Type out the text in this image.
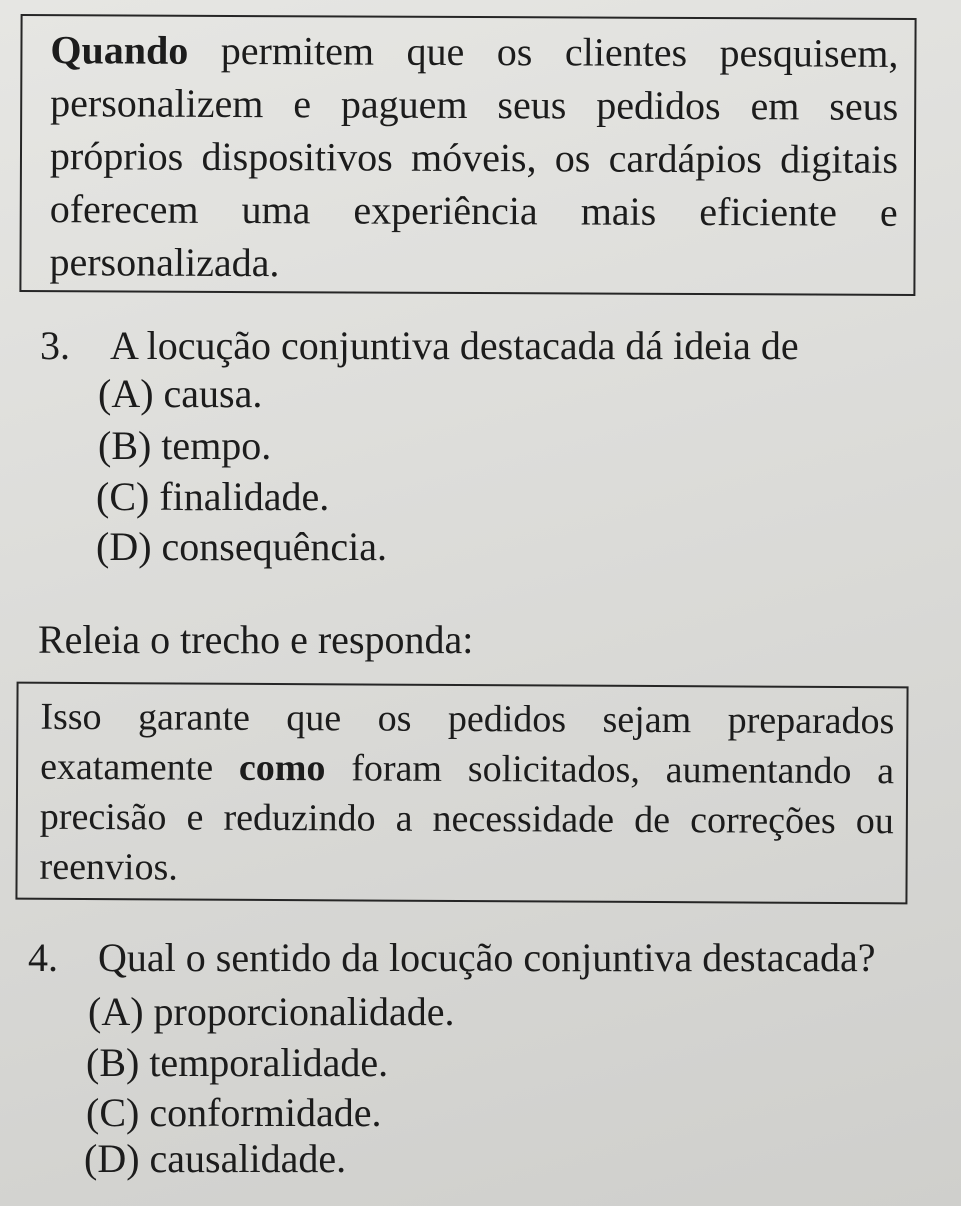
Quando permitem que os clientes pesquisem,
personalizem e paguem seus pedidos em seus
próprios dispositivos móveis, os cardápios digitais
oferecem uma experiência mais eficiente e
personalizada.
3. A locução conjuntiva destacada dá ideia de
(A) causa.
(B) tempo.
(C) finalidade.
(D) consequência.
Releia o trecho e responda:
Isso garante que os pedidos sejam preparados
exatamente como foram solicitados, aumentando a
precisão e reduzindo a necessidade de correções ou
reenvios.
4. Qual o sentido da locução conjuntiva destacada?
(A) proporcionalidade.
(B) temporalidade.
(C) conformidade.
(D) causalidade.
